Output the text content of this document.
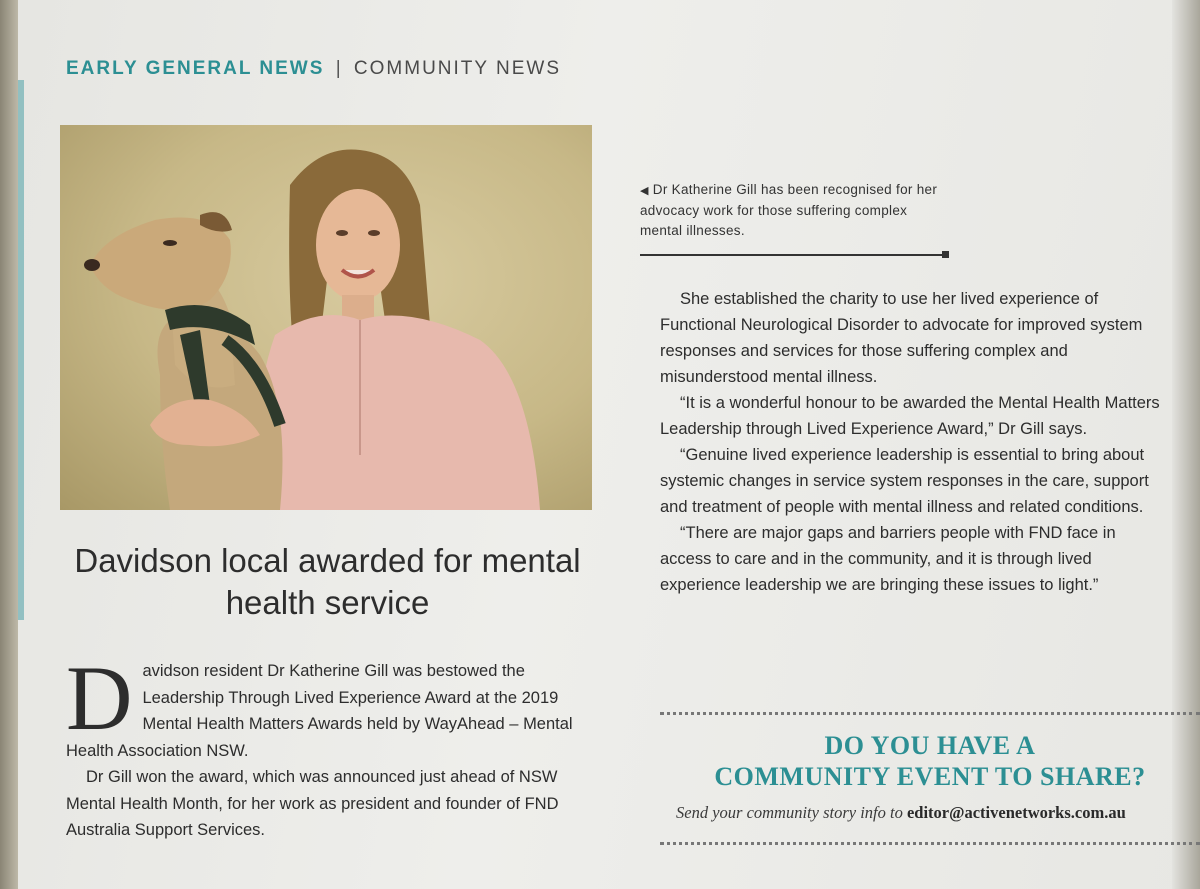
EARLY GENERAL NEWS | COMMUNITY NEWS
◀ Dr Katherine Gill has been recognised for her advocacy work for those suffering complex mental illnesses.
Davidson local awarded for mental health service

Davidson resident Dr Katherine Gill was bestowed the Leadership Through Lived Experience Award at the 2019 Mental Health Matters Awards held by WayAhead – Mental Health Association NSW.

Dr Gill won the award, which was announced just ahead of NSW Mental Health Month, for her work as president and founder of FND Australia Support Services.

She established the charity to use her lived experience of Functional Neurological Disorder to advocate for improved system responses and services for those suffering complex and misunderstood mental illness.

“It is a wonderful honour to be awarded the Mental Health Matters Leadership through Lived Experience Award,” Dr Gill says.

“Genuine lived experience leadership is essential to bring about systemic changes in service system responses in the care, support and treatment of people with mental illness and related conditions.

“There are major gaps and barriers people with FND face in access to care and in the community, and it is through lived experience leadership we are bringing these issues to light.”

DO YOU HAVE A
COMMUNITY EVENT TO SHARE?
Send your community story info to editor@activenetworks.com.au
